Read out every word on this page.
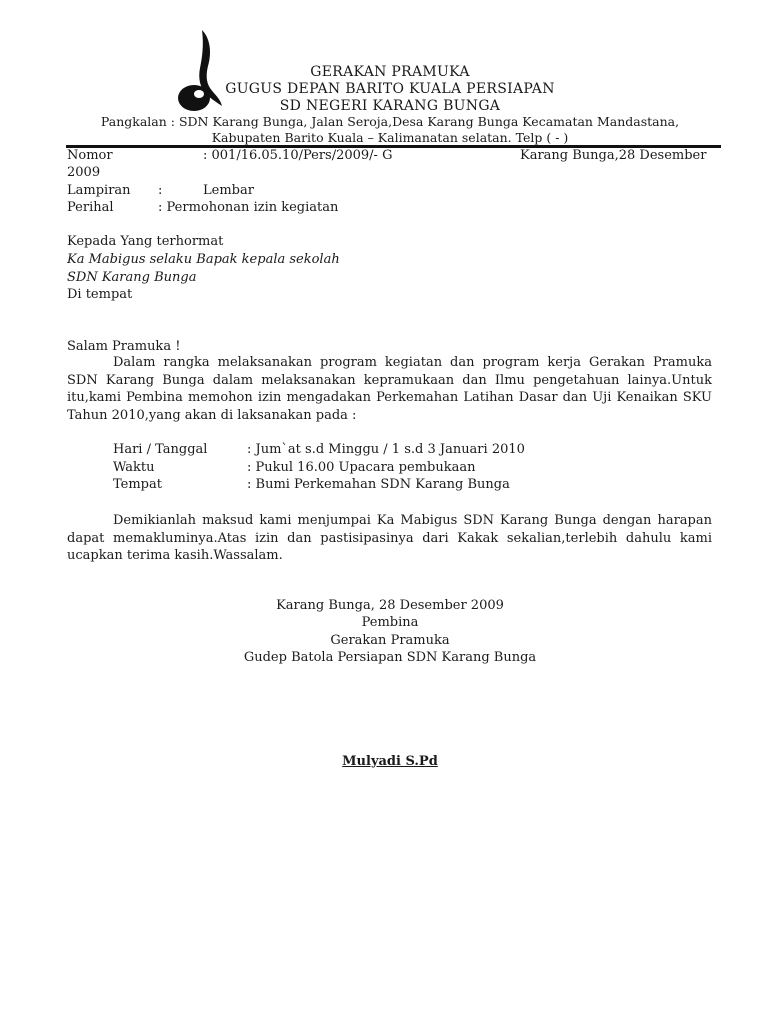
GERAKAN PRAMUKA
GUGUS DEPAN BARITO KUALA PERSIAPAN
SD NEGERI KARANG BUNGA
Pangkalan : SDN Karang Bunga, Jalan Seroja,Desa Karang Bunga Kecamatan Mandastana,
Kabupaten Barito Kuala – Kalimanatan selatan. Telp ( - )
Nomor	: 001/16.05.10/Pers/2009/- G	Karang Bunga,28 Desember
2009
Lampiran :	Lembar
Perihal	: Permohonan izin kegiatan
Kepada Yang terhormat
Ka Mabigus selaku Bapak kepala sekolah
SDN Karang Bunga
Di tempat
Salam Pramuka !

Dalam rangka melaksanakan program kegiatan dan program kerja Gerakan Pramuka SDN Karang Bunga dalam melaksanakan kepramukaan dan Ilmu pengetahuan lainya.Untuk itu,kami Pembina memohon izin mengadakan Perkemahan Latihan Dasar dan Uji Kenaikan SKU Tahun 2010,yang akan di laksanakan pada :

Hari / Tanggal	: Jum`at s.d Minggu / 1 s.d 3 Januari 2010
Waktu	: Pukul 16.00 Upacara pembukaan
Tempat	: Bumi Perkemahan SDN Karang Bunga

Demikianlah maksud kami menjumpai Ka Mabigus SDN Karang Bunga dengan harapan dapat memakluminya.Atas izin dan pastisipasinya dari Kakak sekalian,terlebih dahulu kami ucapkan terima kasih.Wassalam.

Karang Bunga, 28 Desember 2009
Pembina
Gerakan Pramuka
Gudep Batola Persiapan SDN Karang Bunga
Mulyadi S.Pd
